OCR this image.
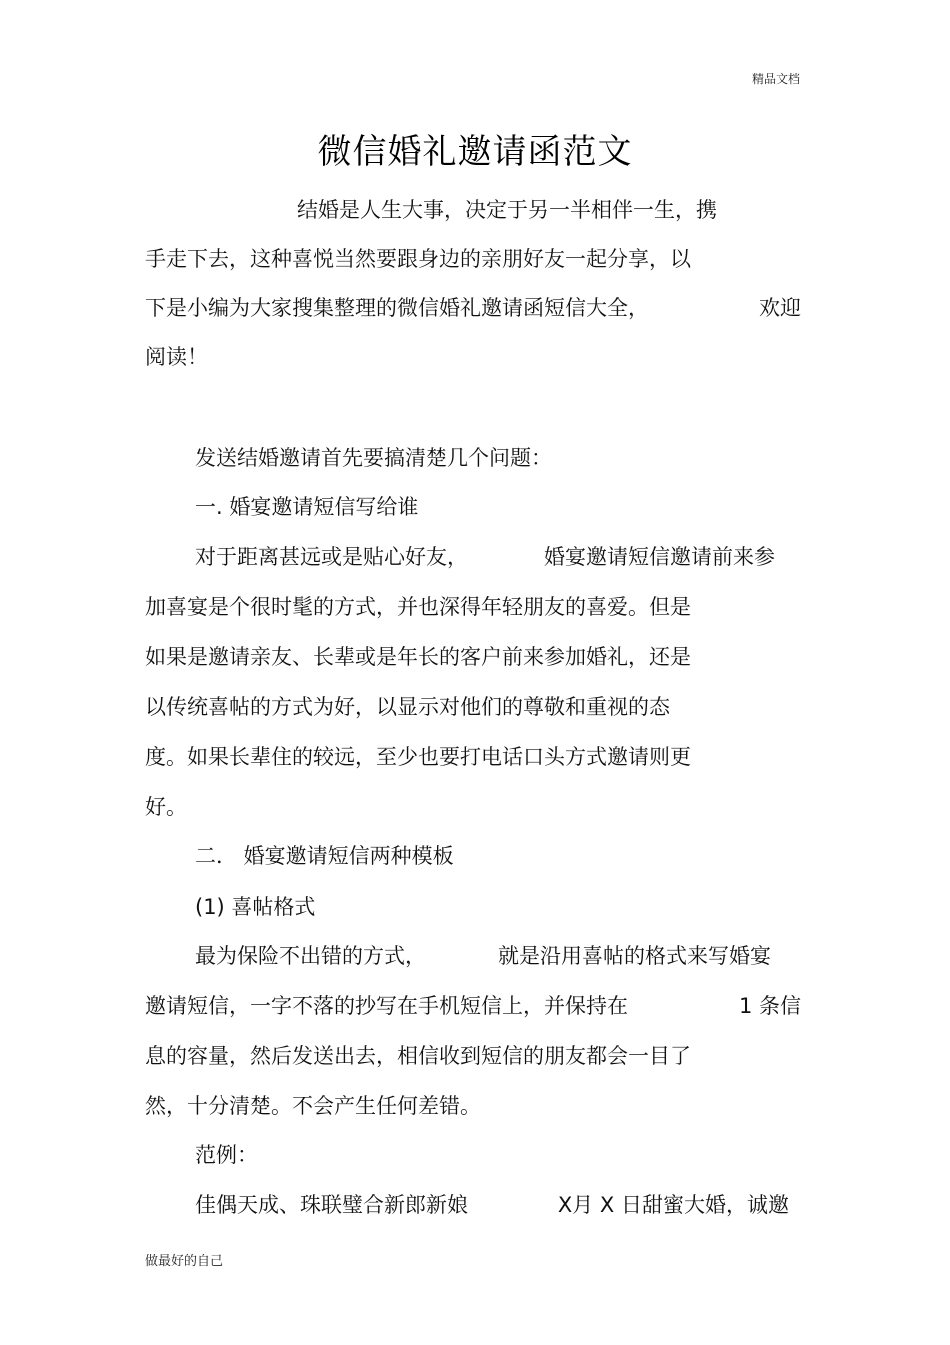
精品文档
微信婚礼邀请函范文
结婚是人生大事，决定于另一半相伴一生，携
手走下去，这种喜悦当然要跟身边的亲朋好友一起分享，以
下是小编为大家搜集整理的微信婚礼邀请函短信大全，	欢迎
阅读！
发送结婚邀请首先要搞清楚几个问题：
一. 婚宴邀请短信写给谁
对于距离甚远或是贴心好友，	婚宴邀请短信邀请前来参
加喜宴是个很时髦的方式，并也深得年轻朋友的喜爱。但是
如果是邀请亲友、长辈或是年长的客户前来参加婚礼，还是
以传统喜帖的方式为好，以显示对他们的尊敬和重视的态
度。如果长辈住的较远，至少也要打电话口头方式邀请则更
好。
二． 婚宴邀请短信两种模板
(1) 喜帖格式
最为保险不出错的方式，	就是沿用喜帖的格式来写婚宴
邀请短信，一字不落的抄写在手机短信上，并保持在	1 条信
息的容量，然后发送出去，相信收到短信的朋友都会一目了
然，十分清楚。不会产生任何差错。
范例：
佳偶天成、珠联璧合新郎新娘	X月 X 日甜蜜大婚，诚邀
做最好的自己
